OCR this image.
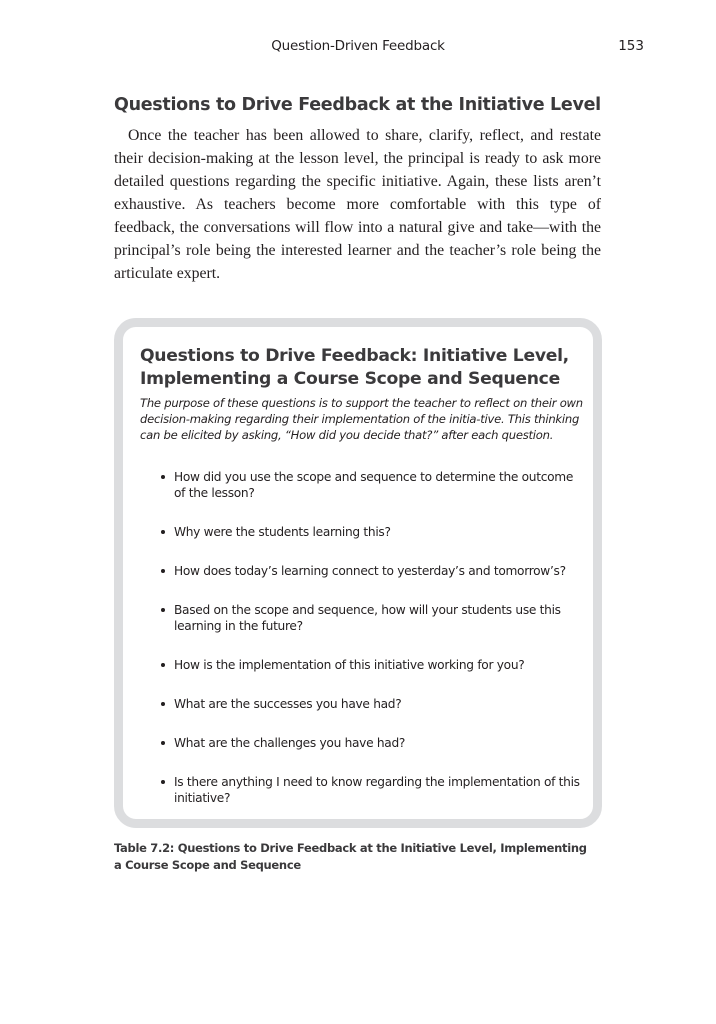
Question-Driven Feedback	153
Questions to Drive Feedback at the Initiative Level

Once the teacher has been allowed to share, clarify, reflect, and restate their decision-making at the lesson level, the principal is ready to ask more detailed questions regarding the specific initiative. Again, these lists aren’t exhaustive. As teachers become more comfortable with this type of feedback, the conversations will flow into a natural give and take—with the principal’s role being the interested learner and the teacher’s role being the articulate expert.

Questions to Drive Feedback: Initiative Level, Implementing a Course Scope and Sequence

The purpose of these questions is to support the teacher to reflect on their own decision-making regarding their implementation of the initia-tive. This thinking can be elicited by asking, “How did you decide that?” after each question.

How did you use the scope and sequence to determine the outcome of the lesson?
Why were the students learning this?
How does today’s learning connect to yesterday’s and tomorrow’s?
Based on the scope and sequence, how will your students use this learning in the future?
How is the implementation of this initiative working for you?
What are the successes you have had?
What are the challenges you have had?
Is there anything I need to know regarding the implementation of this initiative?

Table 7.2: Questions to Drive Feedback at the Initiative Level, Implementing a Course Scope and Sequence
